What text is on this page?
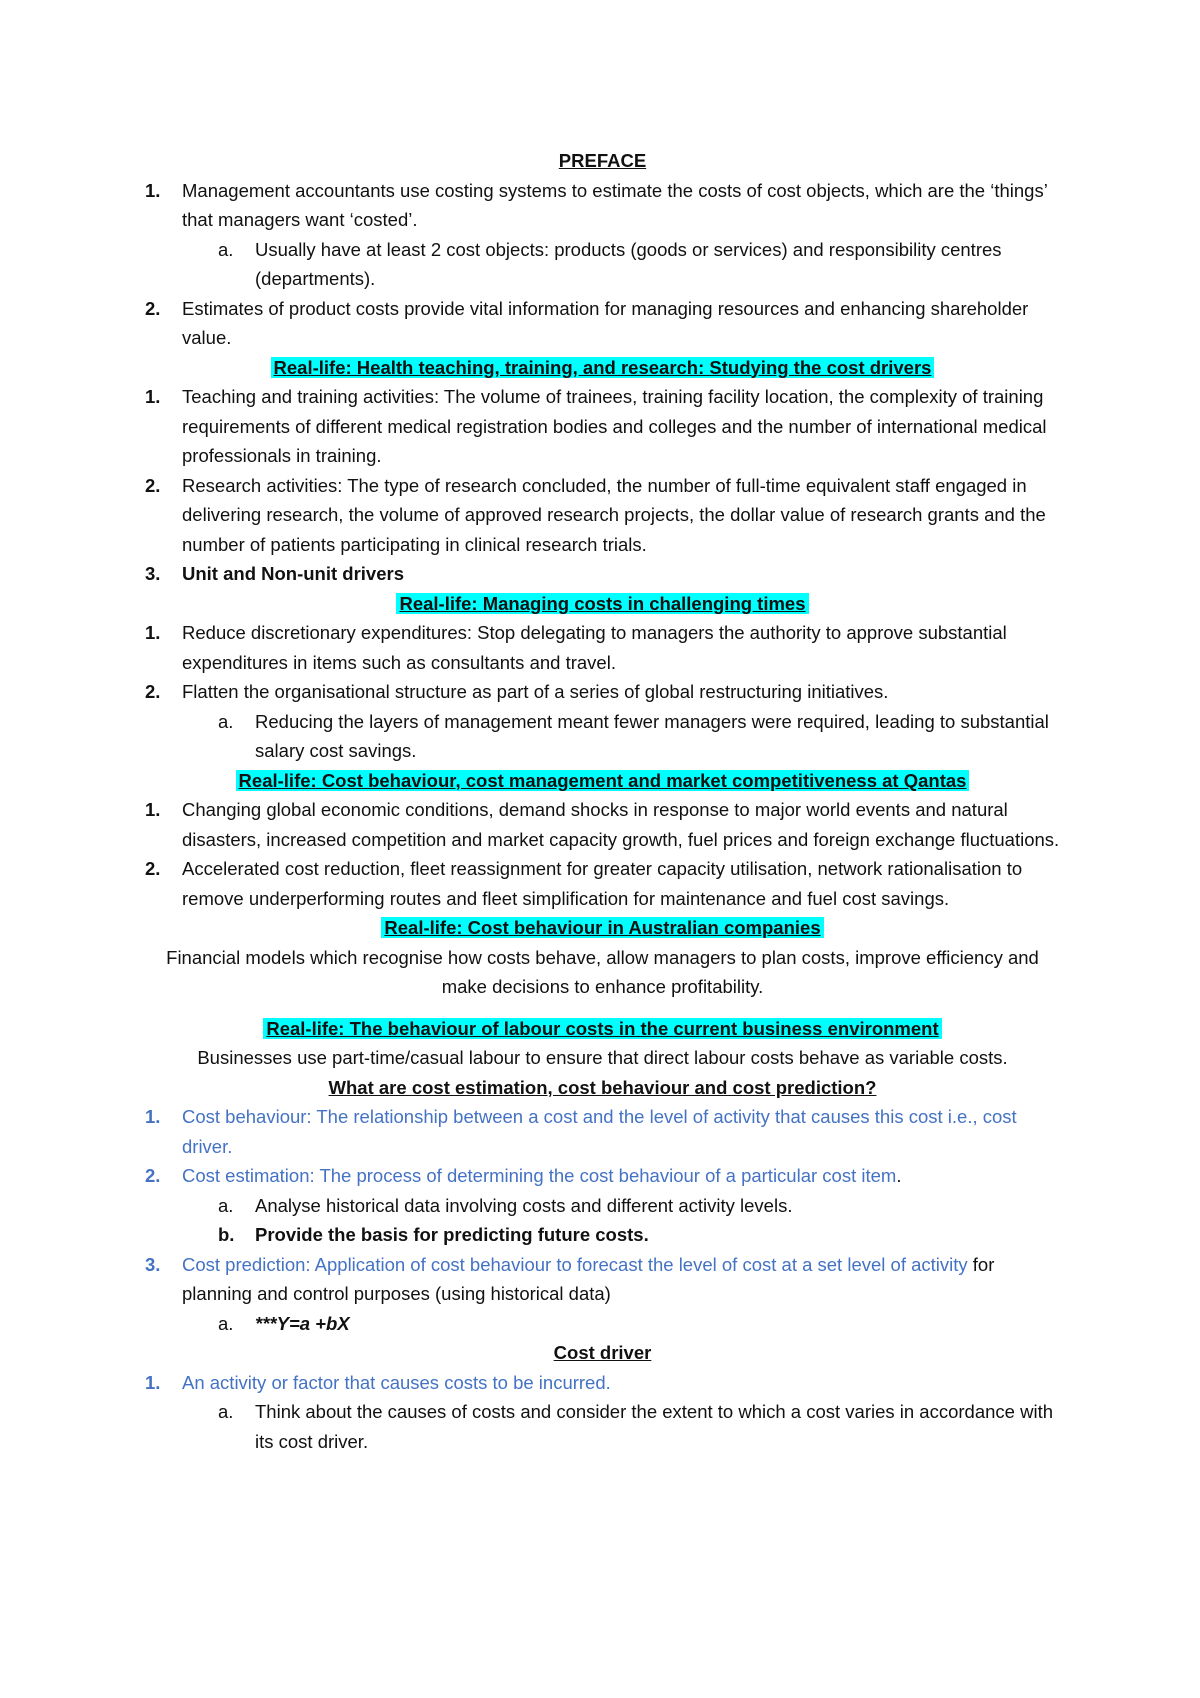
PREFACE

1. Management accountants use costing systems to estimate the costs of cost objects, which are the ‘things’ that managers want ‘costed’.

a. Usually have at least 2 cost objects: products (goods or services) and responsibility centres (departments).

2. Estimates of product costs provide vital information for managing resources and enhancing shareholder value.

Real-life: Health teaching, training, and research: Studying the cost drivers

1. Teaching and training activities: The volume of trainees, training facility location, the complexity of training requirements of different medical registration bodies and colleges and the number of international medical professionals in training.

2. Research activities: The type of research concluded, the number of full-time equivalent staff engaged in delivering research, the volume of approved research projects, the dollar value of research grants and the number of patients participating in clinical research trials.

3. Unit and Non-unit drivers

Real-life: Managing costs in challenging times

1. Reduce discretionary expenditures: Stop delegating to managers the authority to approve substantial expenditures in items such as consultants and travel.

2. Flatten the organisational structure as part of a series of global restructuring initiatives.

a. Reducing the layers of management meant fewer managers were required, leading to substantial salary cost savings.

Real-life: Cost behaviour, cost management and market competitiveness at Qantas

1. Changing global economic conditions, demand shocks in response to major world events and natural disasters, increased competition and market capacity growth, fuel prices and foreign exchange fluctuations.

2. Accelerated cost reduction, fleet reassignment for greater capacity utilisation, network rationalisation to remove underperforming routes and fleet simplification for maintenance and fuel cost savings.

Real-life: Cost behaviour in Australian companies

Financial models which recognise how costs behave, allow managers to plan costs, improve efficiency and make decisions to enhance profitability.

Real-life: The behaviour of labour costs in the current business environment

Businesses use part-time/casual labour to ensure that direct labour costs behave as variable costs.

What are cost estimation, cost behaviour and cost prediction?

1. Cost behaviour: The relationship between a cost and the level of activity that causes this cost i.e., cost driver.

2. Cost estimation: The process of determining the cost behaviour of a particular cost item.

a. Analyse historical data involving costs and different activity levels.

b. Provide the basis for predicting future costs.

3. Cost prediction: Application of cost behaviour to forecast the level of cost at a set level of activity for planning and control purposes (using historical data)

a. ***Y=a +bX

Cost driver

1. An activity or factor that causes costs to be incurred.

a. Think about the causes of costs and consider the extent to which a cost varies in accordance with its cost driver.
